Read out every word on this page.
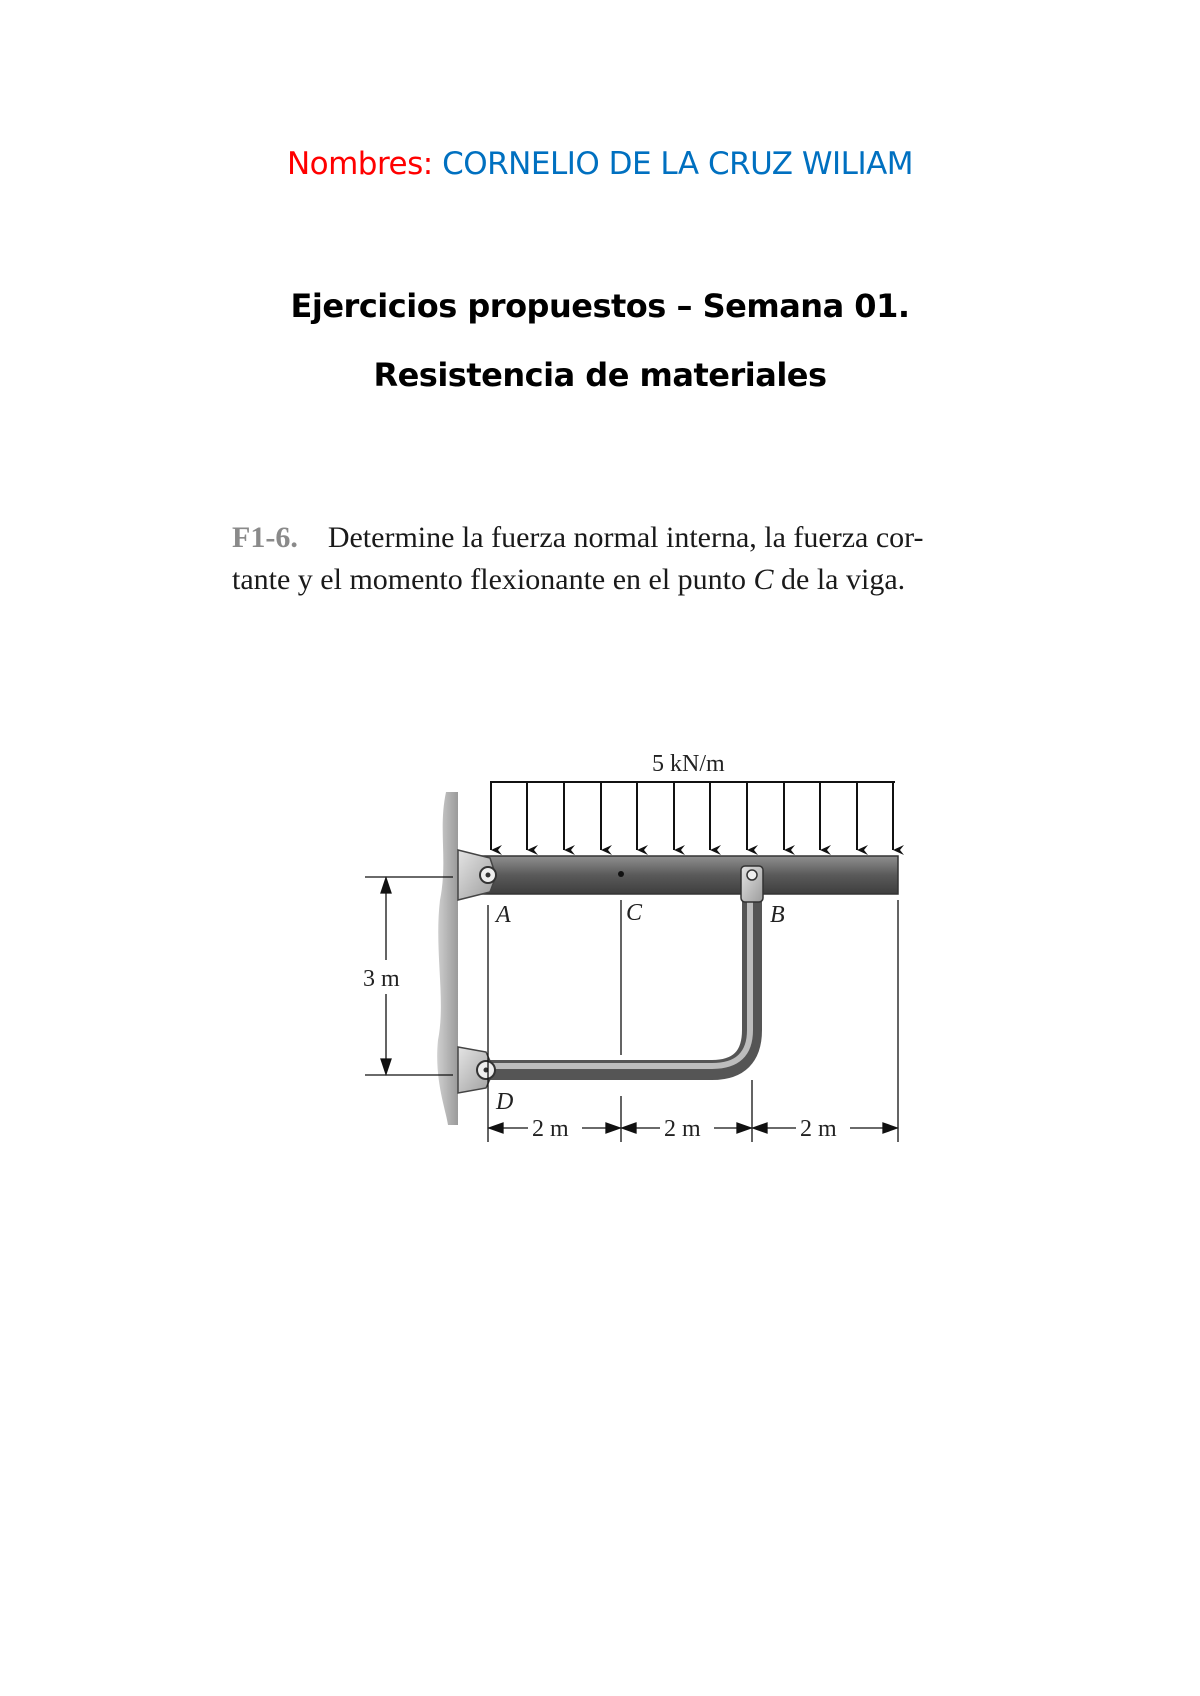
Nombres: CORNELIO DE LA CRUZ WILIAM
Ejercicios propuestos – Semana 01.
Resistencia de materiales
F1-6. Determine la fuerza normal interna, la fuerza cor-
tante y el momento flexionante en el punto C de la viga.
5 kN/m
3 m
2 m	2 m	2 m
A	C	B
D
